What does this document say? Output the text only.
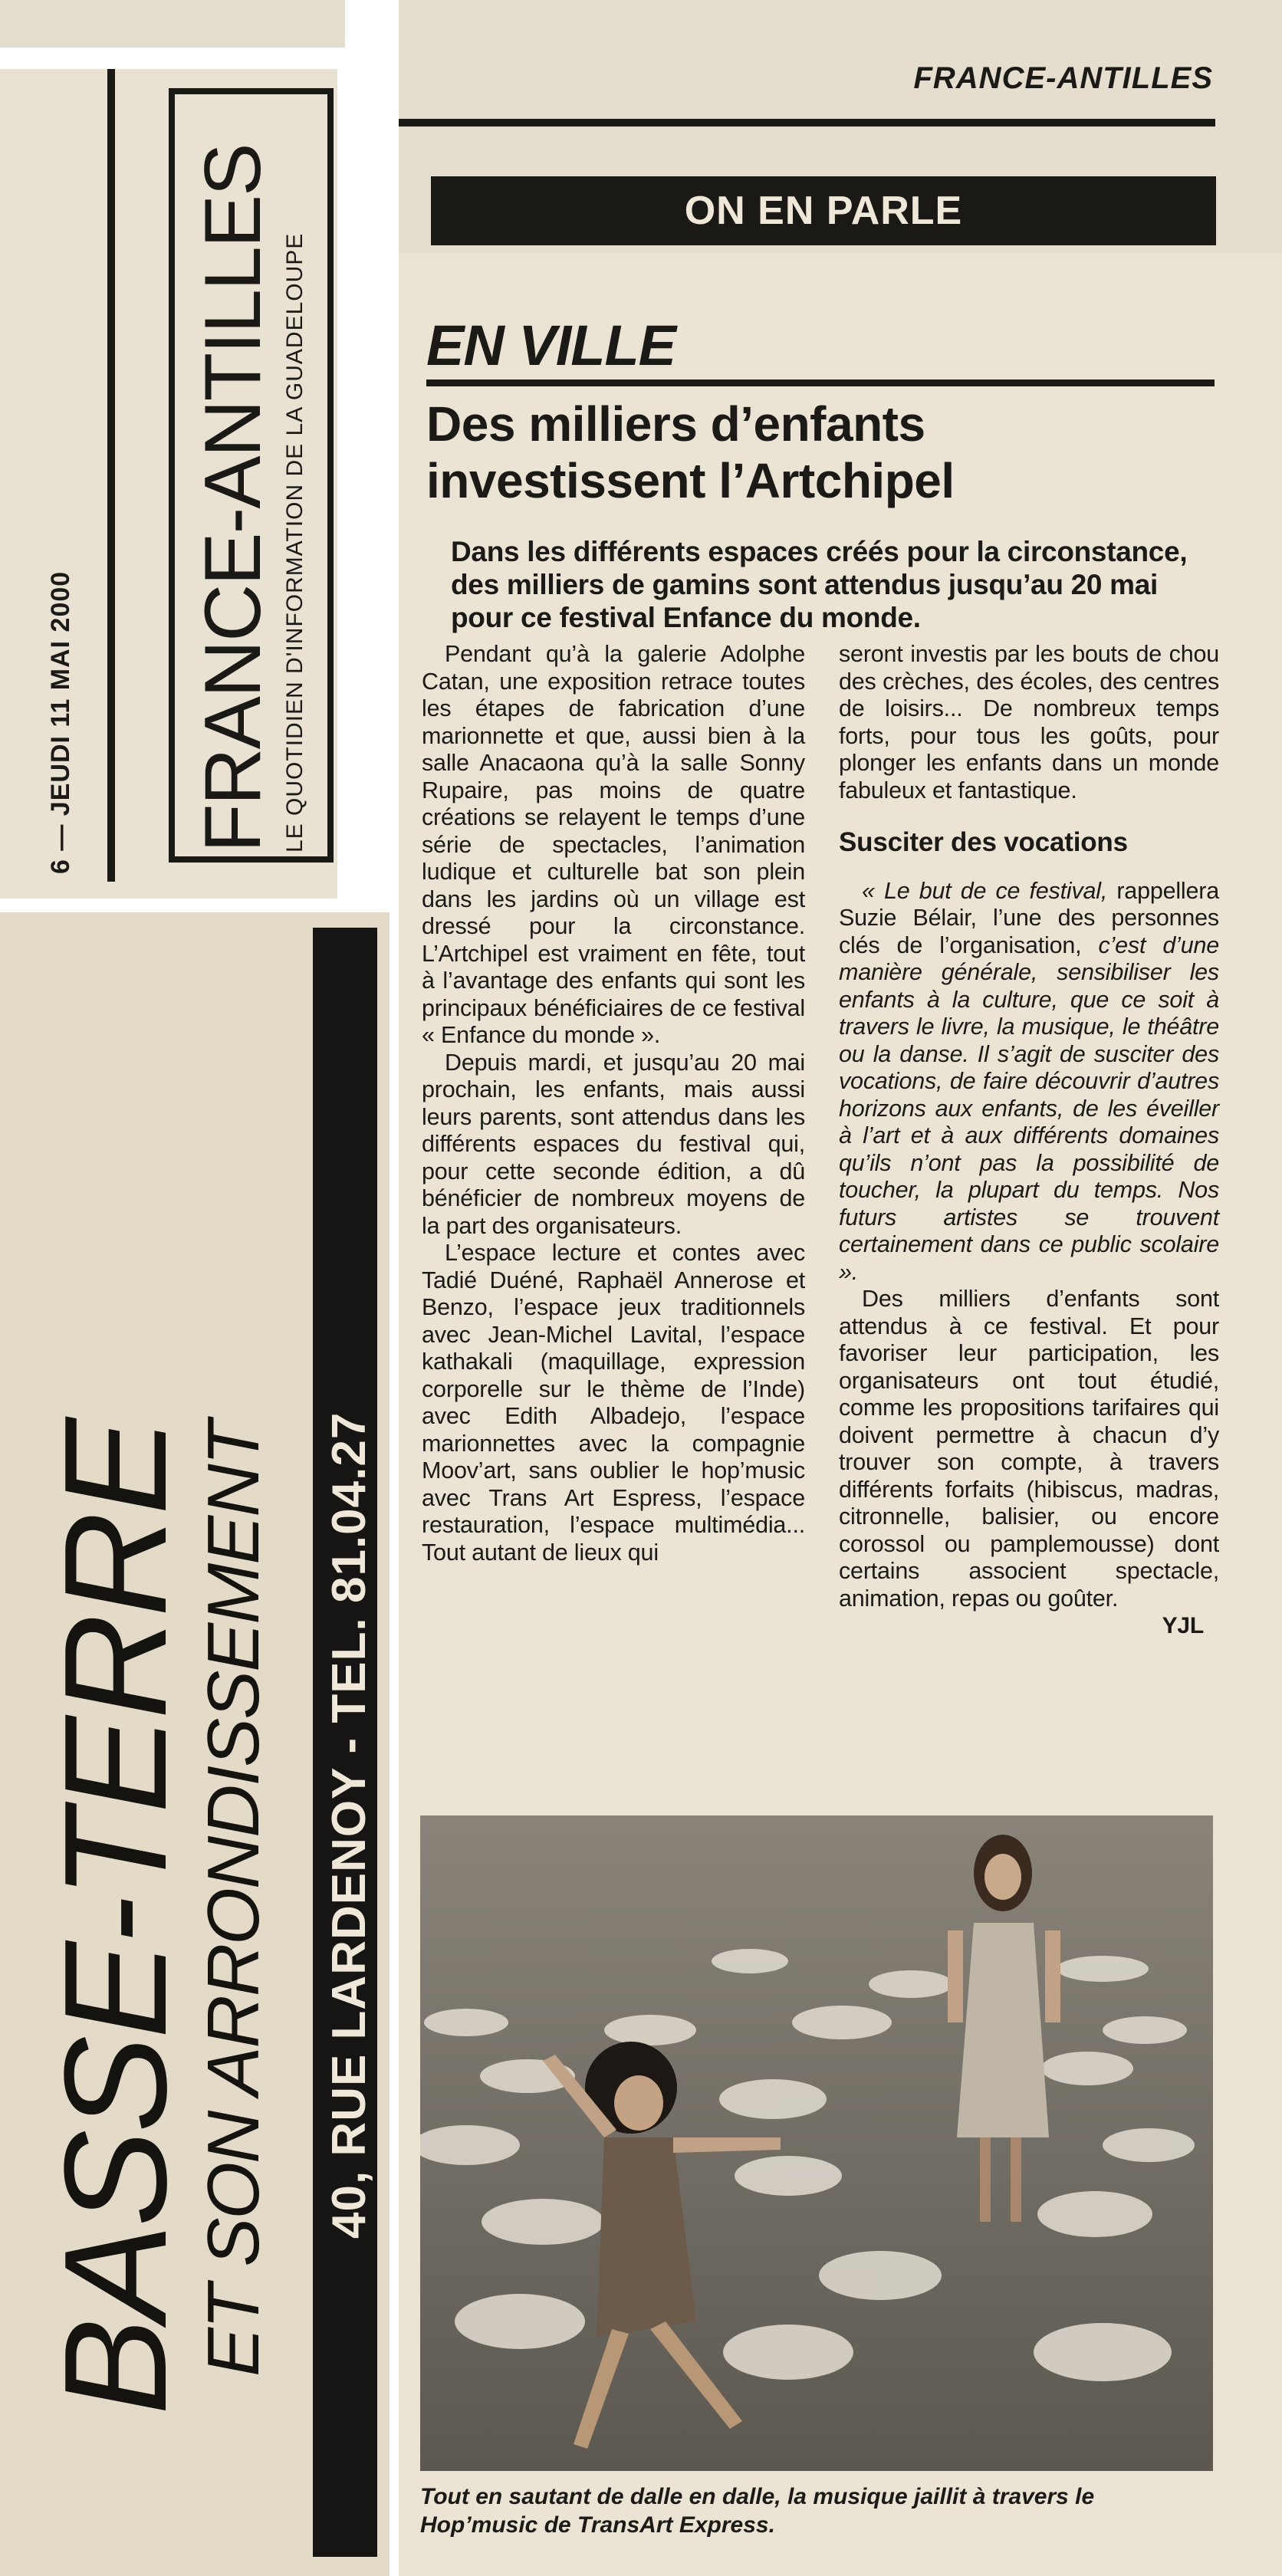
6 — JEUDI 11 MAI 2000 FRANCE-ANTILLES LE QUOTIDIEN D'INFORMATION DE LA GUADELOUPE
BASSE-TERRE
ET SON ARRONDISSEMENT 40, RUE LARDENOY - TEL. 81.04.27
FRANCE-ANTILLES
ON EN PARLE
EN VILLE
Des milliers d’enfants investissent l’Artchipel
Dans les différents espaces créés pour la circonstance, des milliers de gamins sont attendus jusqu’au 20 mai pour ce festival Enfance du monde.

Pendant qu’à la galerie Adolphe Catan, une exposition retrace toutes les étapes de fabrication d’une marionnette et que, aussi bien à la salle Anacaona qu’à la salle Sonny Rupaire, pas moins de quatre créations se relayent le temps d’une série de spectacles, l’animation ludique et culturelle bat son plein dans les jardins où un village est dressé pour la circonstance. L’Artchipel est vraiment en fête, tout à l’avantage des enfants qui sont les principaux bénéficiaires de ce festival « Enfance du monde ».

Depuis mardi, et jusqu’au 20 mai prochain, les enfants, mais aussi leurs parents, sont attendus dans les différents espaces du festival qui, pour cette seconde édition, a dû bénéficier de nombreux moyens de la part des organisateurs.

L’espace lecture et contes avec Tadié Duéné, Raphaël Annerose et Benzo, l’espace jeux traditionnels avec Jean-Michel Lavital, l’espace kathakali (maquillage, expression corporelle sur le thème de l’Inde) avec Edith Albadejo, l’espace marionnettes avec la compagnie Moov’art, sans oublier le hop’music avec Trans Art Espress, l’espace restauration, l’espace multimédia... Tout autant de lieux qui

seront investis par les bouts de chou des crèches, des écoles, des centres de loisirs... De nombreux temps forts, pour tous les goûts, pour plonger les enfants dans un monde fabuleux et fantastique.

Susciter des vocations

« Le but de ce festival, rappellera Suzie Bélair, l’une des personnes clés de l’organisation, c’est d’une manière générale, sensibiliser les enfants à la culture, que ce soit à travers le livre, la musique, le théâtre ou la danse. Il s’agit de susciter des vocations, de faire découvrir d’autres horizons aux enfants, de les éveiller à l’art et à aux différents domaines qu’ils n’ont pas la possibilité de toucher, la plupart du temps. Nos futurs artistes se trouvent certainement dans ce public scolaire ».

Des milliers d’enfants sont attendus à ce festival. Et pour favoriser leur participation, les organisateurs ont tout étudié, comme les propositions tarifaires qui doivent permettre à chacun d’y trouver son compte, à travers différents forfaits (hibiscus, madras, citronnelle, balisier, ou encore corossol ou pamplemousse) dont certains associent spectacle, animation, repas ou goûter.

YJL
Tout en sautant de dalle en dalle, la musique jaillit à travers le Hop’music de TransArt Express.
